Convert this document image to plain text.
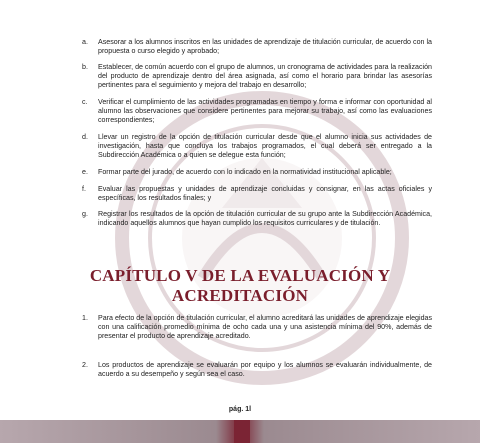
a. Asesorar a los alumnos inscritos en las unidades de aprendizaje de titulación curricular, de acuerdo con la propuesta o curso elegido y aprobado;
b. Establecer, de común acuerdo con el grupo de alumnos, un cronograma de actividades para la realización del producto de aprendizaje dentro del área asignada, así como el horario para brindar las asesorías pertinentes para el seguimiento y mejora del trabajo en desarrollo;
c. Verificar el cumplimiento de las actividades programadas en tiempo y forma e informar con oportunidad al alumno las observaciones que considere pertinentes para mejorar su trabajo, así como las evaluaciones correspondientes;
d. Llevar un registro de la opción de titulación curricular desde que el alumno inicia sus actividades de investigación, hasta que concluya los trabajos programados, el cual deberá ser entregado a la Subdirección Académica o a quien se delegue esta función;
e. Formar parte del jurado, de acuerdo con lo indicado en la normatividad institucional aplicable;
f. Evaluar las propuestas y unidades de aprendizaje concluidas y consignar, en las actas oficiales y específicas, los resultados finales; y
g. Registrar los resultados de la opción de titulación curricular de su grupo ante la Subdirección Académica, indicando aquellos alumnos que hayan cumplido los requisitos curriculares y de titulación.
CAPÍTULO V DE LA EVALUACIÓN Y
ACREDITACIÓN
1. Para efecto de la opción de titulación curricular, el alumno acreditará las unidades de aprendizaje elegidas con una calificación promedio mínima de ocho cada una y una asistencia mínima del 90%, además de presentar el producto de aprendizaje acreditado.
2. Los productos de aprendizaje se evaluarán por equipo y los alumnos se evaluarán individualmente, de acuerdo a su desempeño y según sea el caso.
pág. 1l
